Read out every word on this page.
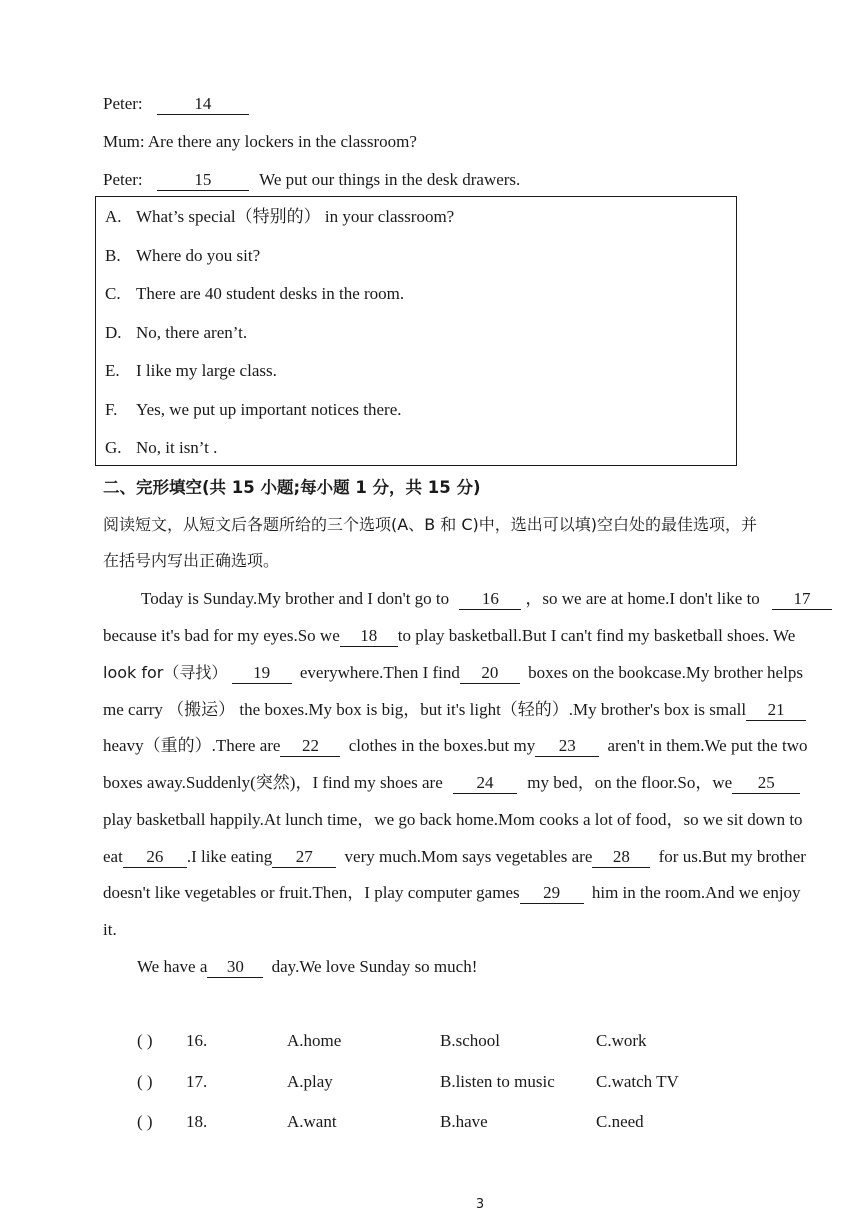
Peter:	14
Mum: Are there any lockers in the classroom?
Peter:	15	We put our things in the desk drawers.
A. What’s special（特别的） in your classroom?
B. Where do you sit?
C. There are 40 student desks in the room.
D. No, there aren’t.
E. I like my large class.
F. Yes, we put up important notices there.
G. No, it isn’t .
二、完形填空(共 15 小题;每小题 1 分，共 15 分)
阅读短文，从短文后各题所给的三个选项(A、B 和 C)中，选出可以填)空白处的最佳选项，并
在括号内写出正确选项。
Today is Sunday.My brother and I don't go to 16 ，so we are at home.I don't like to 17
because it's bad for my eyes.So we 18 to play basketball.But I can't find my basketball shoes. We
look for（寻找） 19 everywhere.Then I find 20 boxes on the bookcase.My brother helps
me carry （搬运） the boxes.My box is big，but it's light（轻的）.My brother's box is small 21
heavy（重的）.There are 22 clothes in the boxes.but my 23 aren't in them.We put the two
boxes away.Suddenly(突然)，I find my shoes are 24 my bed，on the floor.So，we 25
play basketball happily.At lunch time，we go back home.Mom cooks a lot of food，so we sit down to
eat 26 .I like eating 27 very much.Mom says vegetables are 28 for us.But my brother
doesn't like vegetables or fruit.Then，I play computer games 29 him in the room.And we enjoy
it.
We have a 30 day.We love Sunday so much!
( ) 16.	A.home	B.school	C.work
( ) 17.	A.play	B.listen to music C.watch TV
( ) 18.	A.want	B.have	C.need
3
